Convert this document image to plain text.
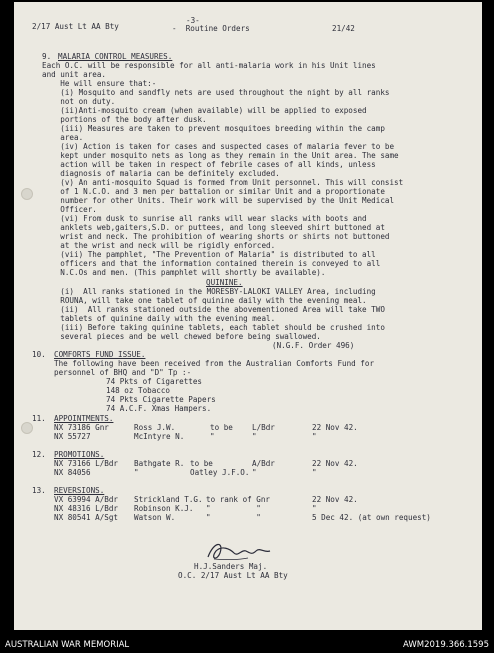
2/17 Aust Lt AA Bty
-3-
-  Routine Orders	21/42
9. MALARIA CONTROL MEASURES.
Each O.C. will be responsible for all anti-malaria work in his Unit lines
and unit area.
He will ensure that:-
(i) Mosquito and sandfly nets are used throughout the night by all ranks
not on duty.
(ii)Anti-mosquito cream (when available) will be applied to exposed
portions of the body after dusk.
(iii) Measures are taken to prevent mosquitoes breeding within the camp
area.
(iv) Action is taken for cases and suspected cases of malaria fever to be
kept under mosquito nets as long as they remain in the Unit area. The same
action will be taken in respect of febrile cases of all kinds, unless
diagnosis of malaria can be definitely excluded.
(v) An anti-mosquito Squad is formed from Unit personnel. This will consist
of 1 N.C.O. and 3 men per battalion or similar Unit and a proportionate
number for other Units. Their work will be supervised by the Unit Medical
Officer.
(vi) From dusk to sunrise all ranks will wear slacks with boots and
anklets web,gaiters,S.D. or puttees, and long sleeved shirt buttoned at
wrist and neck. The prohibition of wearing shorts or shirts not buttoned
at the wrist and neck will be rigidly enforced.
(vii) The pamphlet, "The Prevention of Malaria" is distributed to all
officers and that the information contained therein is conveyed to all
N.C.Os and men. (This pamphlet will shortly be available).
QUININE.
(i)  All ranks stationed in the MORESBY-LALOKI VALLEY Area, including
ROUNA, will take one tablet of quinine daily with the evening meal.
(ii)  All ranks stationed outside the abovementioned Area will take TWO
tablets of quinine daily with the evening meal.
(iii) Before taking quinine tablets, each tablet should be crushed into
several pieces and be well chewed before being swallowed.
(N.G.F. Order 496)
10. COMFORTS FUND ISSUE.
The following have been received from the Australian Comforts Fund for
personnel of BHQ and "D" Tp :-
74 Pkts of Cigarettes
148 oz Tobacco
74 Pkts Cigarette Papers
74 A.C.F. Xmas Hampers.
11. APPOINTMENTS.
NX 73186 Gnr	Ross J.W.	to be	L/Bdr	22 Nov 42.
NX 55727	McIntyre N.	"	"	"
12. PROMOTIONS.
NX 73166 L/Bdr Bathgate R. to be	A/Bdr	22 Nov 42.
NX 84056	"	Oatley J.F.O. "	"
13. REVERSIONS.
VX 63994 A/Bdr Strickland T.G. to rank of Gnr	22 Nov 42.
NX 48316 L/Bdr Robinson K.J. "          "	"
NX 80541 A/Sgt Watson W.	"          "	5 Dec 42. (at own request)
H.J.Sanders Maj.
O.C. 2/17 Aust Lt AA Bty
AUSTRALIAN WAR MEMORIAL	AWM2019.366.1595
